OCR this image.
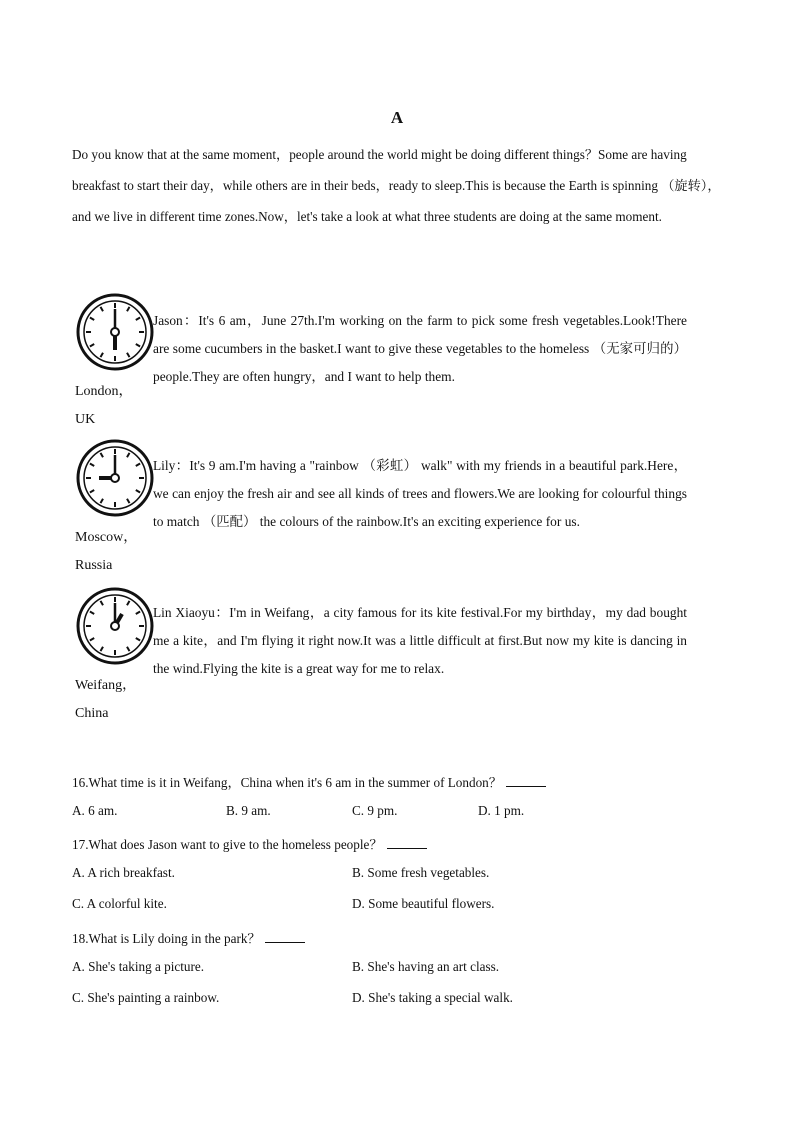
A

Do you know that at the same moment，people around the world might be doing different things？Some are having breakfast to start their day，while others are in their beds，ready to sleep.This is because the Earth is spinning （旋转），and we live in different time zones.Now，let's take a look at what three students are doing at the same moment.

London，
UK

Jason：It's 6 am，June 27th.I'm working on the farm to pick some fresh vegetables.Look!There are some cucumbers in the basket.I want to give these vegetables to the homeless （无家可归的） people.They are often hungry，and I want to help them.

Moscow，
Russia

Lily：It's 9 am.I'm having a "rainbow （彩虹） walk" with my friends in a beautiful park.Here，we can enjoy the fresh air and see all kinds of trees and flowers.We are looking for colourful things to match （匹配） the colours of the rainbow.It's an exciting experience for us.

Weifang，
China

Lin Xiaoyu：I'm in Weifang，a city famous for its kite festival.For my birthday，my dad bought me a kite，and I'm flying it right now.It was a little difficult at first.But now my kite is dancing in the wind.Flying the kite is a great way for me to relax.

16.What time is it in Weifang，China when it's 6 am in the summer of London？
A. 6 am.	B. 9 am.	C. 9 pm.	D. 1 pm.
17.What does Jason want to give to the homeless people？
A. A rich breakfast.	B. Some fresh vegetables.
C. A colorful kite.	D. Some beautiful flowers.
18.What is Lily doing in the park？
A. She's taking a picture.	B. She's having an art class.
C. She's painting a rainbow.	D. She's taking a special walk.
